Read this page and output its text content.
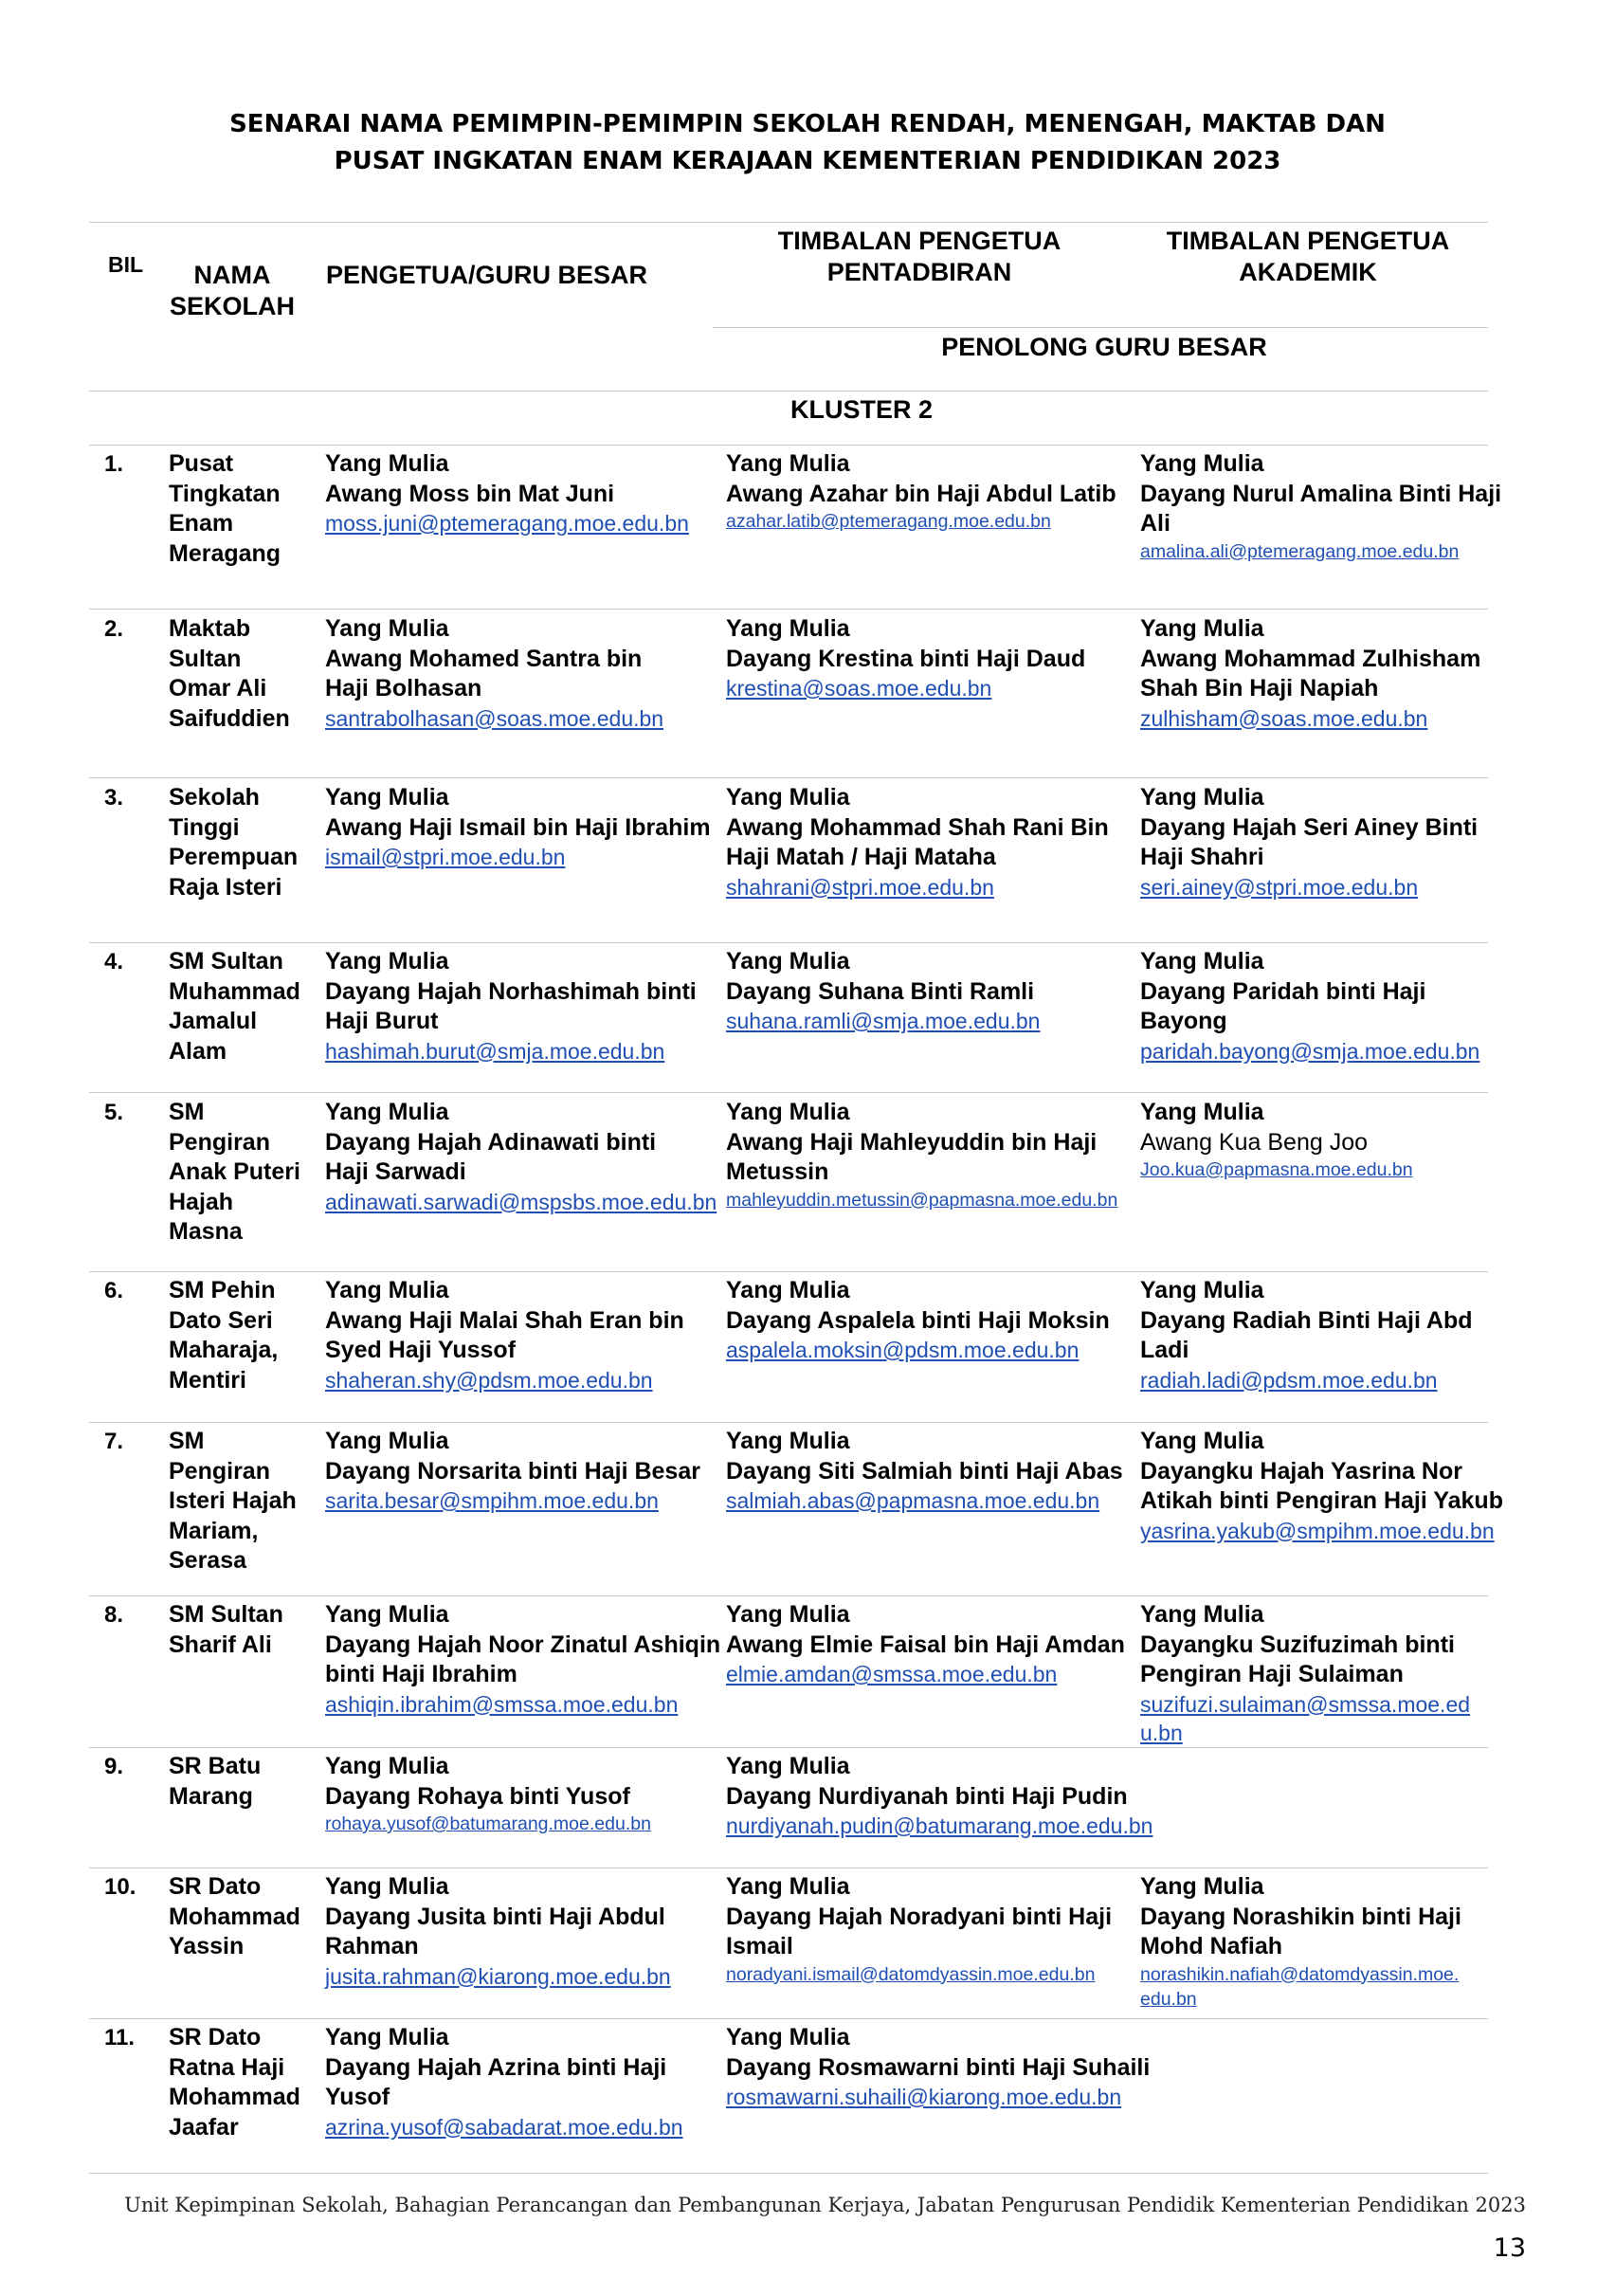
SENARAI NAMA PEMIMPIN-PEMIMPIN SEKOLAH RENDAH, MENENGAH, MAKTAB DAN
PUSAT INGKATAN ENAM KERAJAAN KEMENTERIAN PENDIDIKAN 2023
BIL	NAMA
SEKOLAH
PENGETUA/GURU BESAR
TIMBALAN PENGETUA
PENTADBIRAN
TIMBALAN PENGETUA
AKADEMIK
PENOLONG GURU BESAR
KLUSTER 2
1. Pusat
Tingkatan
Enam
Meragang
Yang Mulia
Awang Moss bin Mat Juni
moss.juni@ptemeragang.moe.edu.bn
Yang Mulia
Awang Azahar bin Haji Abdul Latib
azahar.latib@ptemeragang.moe.edu.bn
Yang Mulia
Dayang Nurul Amalina Binti Haji
Ali
amalina.ali@ptemeragang.moe.edu.bn
2. Maktab
Sultan
Omar Ali
Saifuddien
Yang Mulia
Awang Mohamed Santra bin
Haji Bolhasan
santrabolhasan@soas.moe.edu.bn
Yang Mulia
Dayang Krestina binti Haji Daud
krestina@soas.moe.edu.bn
Yang Mulia
Awang Mohammad Zulhisham
Shah Bin Haji Napiah
zulhisham@soas.moe.edu.bn
3. Sekolah
Tinggi
Perempuan
Raja Isteri
Yang Mulia
Awang Haji Ismail bin Haji Ibrahim
ismail@stpri.moe.edu.bn
Yang Mulia
Awang Mohammad Shah Rani Bin
Haji Matah / Haji Mataha
shahrani@stpri.moe.edu.bn
Yang Mulia
Dayang Hajah Seri Ainey Binti
Haji Shahri
seri.ainey@stpri.moe.edu.bn
4. SM Sultan
Muhammad
Jamalul
Alam
Yang Mulia
Dayang Hajah Norhashimah binti
Haji Burut
hashimah.burut@smja.moe.edu.bn
Yang Mulia
Dayang Suhana Binti Ramli
suhana.ramli@smja.moe.edu.bn
Yang Mulia
Dayang Paridah binti Haji
Bayong
paridah.bayong@smja.moe.edu.bn
5. SM
Pengiran
Anak Puteri
Hajah
Masna
Yang Mulia
Dayang Hajah Adinawati binti
Haji Sarwadi
adinawati.sarwadi@mspsbs.moe.edu.bn
Yang Mulia
Awang Haji Mahleyuddin bin Haji
Metussin
mahleyuddin.metussin@papmasna.moe.edu.bn
Yang Mulia
Awang Kua Beng Joo
Joo.kua@papmasna.moe.edu.bn
6. SM Pehin
Dato Seri
Maharaja,
Mentiri
Yang Mulia
Awang Haji Malai Shah Eran bin
Syed Haji Yussof
shaheran.shy@pdsm.moe.edu.bn
Yang Mulia
Dayang Aspalela binti Haji Moksin
aspalela.moksin@pdsm.moe.edu.bn
Yang Mulia
Dayang Radiah Binti Haji Abd
Ladi
radiah.ladi@pdsm.moe.edu.bn
7. SM
Pengiran
Isteri Hajah
Mariam,
Serasa
Yang Mulia
Dayang Norsarita binti Haji Besar
sarita.besar@smpihm.moe.edu.bn
Yang Mulia
Dayang Siti Salmiah binti Haji Abas
salmiah.abas@papmasna.moe.edu.bn
Yang Mulia
Dayangku Hajah Yasrina Nor
Atikah binti Pengiran Haji Yakub
yasrina.yakub@smpihm.moe.edu.bn
8. SM Sultan
Sharif Ali
Yang Mulia
Dayang Hajah Noor Zinatul Ashiqin
binti Haji Ibrahim
ashiqin.ibrahim@smssa.moe.edu.bn
Yang Mulia
Awang Elmie Faisal bin Haji Amdan
elmie.amdan@smssa.moe.edu.bn
Yang Mulia
Dayangku Suzifuzimah binti
Pengiran Haji Sulaiman
suzifuzi.sulaiman@smssa.moe.ed
u.bn
9. SR Batu
Marang
Yang Mulia
Dayang Rohaya binti Yusof
rohaya.yusof@batumarang.moe.edu.bn
Yang Mulia
Dayang Nurdiyanah binti Haji Pudin
nurdiyanah.pudin@batumarang.moe.edu.bn
10. SR Dato
Mohammad
Yassin
Yang Mulia
Dayang Jusita binti Haji Abdul
Rahman
jusita.rahman@kiarong.moe.edu.bn
Yang Mulia
Dayang Hajah Noradyani binti Haji
Ismail
noradyani.ismail@datomdyassin.moe.edu.bn
Yang Mulia
Dayang Norashikin binti Haji
Mohd Nafiah
norashikin.nafiah@datomdyassin.moe.
edu.bn
11. SR Dato
Ratna Haji
Mohammad
Jaafar
Yang Mulia
Dayang Hajah Azrina binti Haji
Yusof
azrina.yusof@sabadarat.moe.edu.bn
Yang Mulia
Dayang Rosmawarni binti Haji Suhaili
rosmawarni.suhaili@kiarong.moe.edu.bn
Unit Kepimpinan Sekolah, Bahagian Perancangan dan Pembangunan Kerjaya, Jabatan Pengurusan Pendidik Kementerian Pendidikan 2023
13
